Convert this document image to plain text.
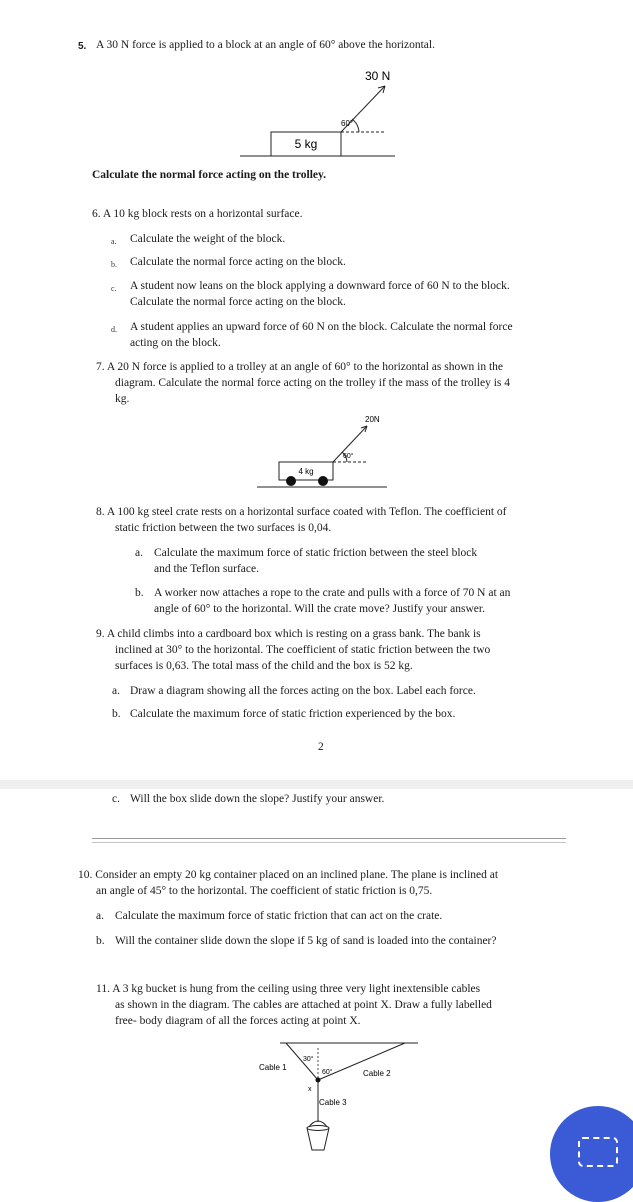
5. A 30 N force is applied to a block at an angle of 60° above the horizontal.
5 kg
60°
30 N
Calculate the normal force acting on the trolley.
6. A 10 kg block rests on a horizontal surface.
a. Calculate the weight of the block.
b. Calculate the normal force acting on the block.
c. A student now leans on the block applying a downward force of 60 N to the block.
Calculate the normal force acting on the block.
d. A student applies an upward force of 60 N on the block. Calculate the normal force
acting on the block.
7. A 20 N force is applied to a trolley at an angle of 60° to the horizontal as shown in the
diagram. Calculate the normal force acting on the trolley if the mass of the trolley is 4
kg.
4 kg
60°
20N
8. A 100 kg steel crate rests on a horizontal surface coated with Teflon. The coefficient of
static friction between the two surfaces is 0,04.
a. Calculate the maximum force of static friction between the steel block
and the Teflon surface.
b. A worker now attaches a rope to the crate and pulls with a force of 70 N at an
angle of 60° to the horizontal. Will the crate move? Justify your answer.
9. A child climbs into a cardboard box which is resting on a grass bank. The bank is
inclined at 30° to the horizontal. The coefficient of static friction between the two
surfaces is 0,63. The total mass of the child and the box is 52 kg.
a. Draw a diagram showing all the forces acting on the box. Label each force.
b. Calculate the maximum force of static friction experienced by the box.
2
c. Will the box slide down the slope? Justify your answer.
10. Consider an empty 20 kg container placed on an inclined plane. The plane is inclined at
an angle of 45° to the horizontal. The coefficient of static friction is 0,75.
a. Calculate the maximum force of static friction that can act on the crate.
b. Will the container slide down the slope if 5 kg of sand is loaded into the container?
11. A 3 kg bucket is hung from the ceiling using three very light inextensible cables
as shown in the diagram. The cables are attached at point X. Draw a fully labelled
free- body diagram of all the forces acting at point X.
30°
60°
x
Cable 1
Cable 2
Cable 3
